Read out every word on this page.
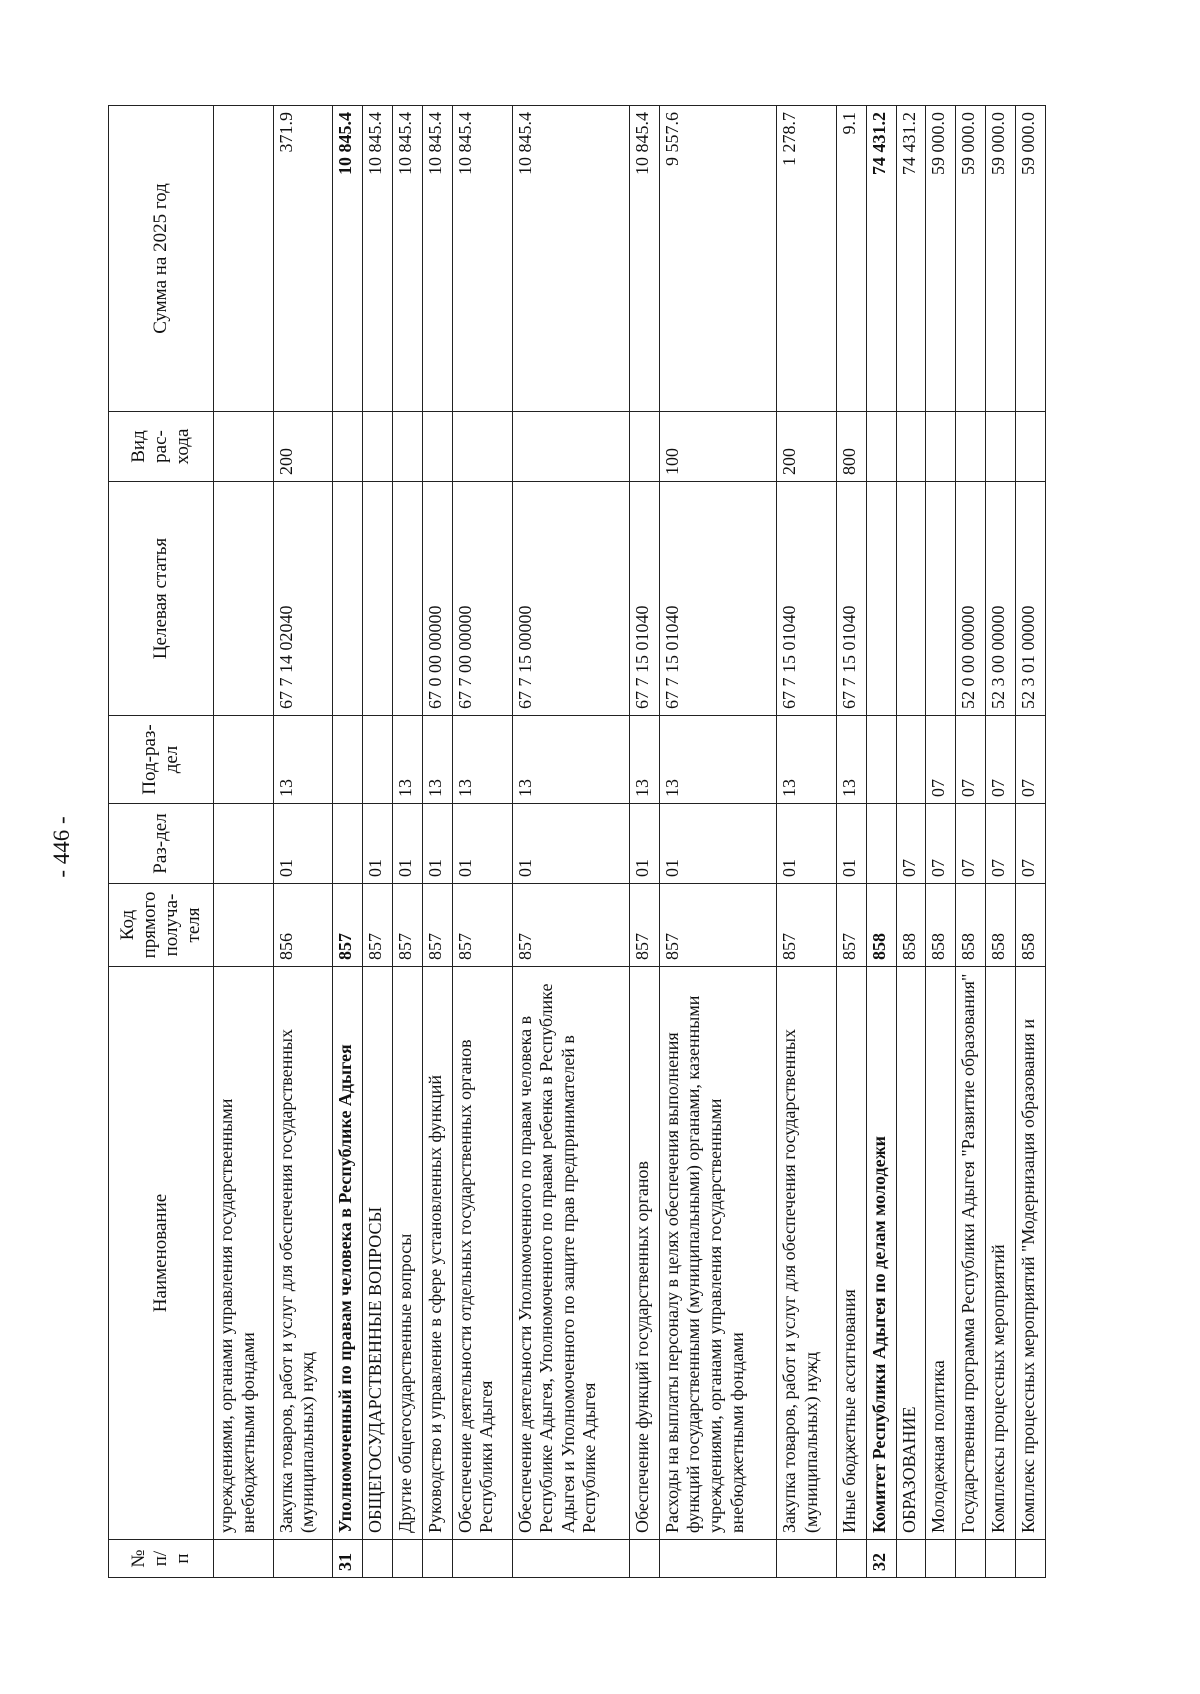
- 446 -
№ п/п	Наименование	Код прямого получа-теля	Раз-дел	Под-раз-дел	Целевая статья	Вид рас-хода	Сумма на 2025 год
	учреждениями, органами управления государственными внебюджетными фондами						
	Закупка товаров, работ и услуг для обеспечения государственных (муниципальных) нужд	856	01	13	67 7 14 02040	200	371.9
31	Уполномоченный по правам человека в Республике Адыгея	857					10 845.4
	ОБЩЕГОСУДАРСТВЕННЫЕ ВОПРОСЫ	857	01				10 845.4
	Другие общегосударственные вопросы	857	01	13			10 845.4
	Руководство и управление в сфере установленных функций	857	01	13	67 0 00 00000		10 845.4
	Обеспечение деятельности отдельных государственных органов Республики Адыгея	857	01	13	67 7 00 00000		10 845.4
	Обеспечение деятельности Уполномоченного по правам человека в Республике Адыгея, Уполномоченного по правам ребенка в Республике Адыгея и Уполномоченного по защите прав предпринимателей в Республике Адыгея	857	01	13	67 7 15 00000		10 845.4
	Обеспечение функций государственных органов	857	01	13	67 7 15 01040		10 845.4
	Расходы на выплаты персоналу в целях обеспечения выполнения функций государственными (муниципальными) органами, казенными учреждениями, органами управления государственными внебюджетными фондами	857	01	13	67 7 15 01040	100	9 557.6
	Закупка товаров, работ и услуг для обеспечения государственных (муниципальных) нужд	857	01	13	67 7 15 01040	200	1 278.7
	Иные бюджетные ассигнования	857	01	13	67 7 15 01040	800	9.1
32	Комитет Республики Адыгея по делам молодежи	858					74 431.2
	ОБРАЗОВАНИЕ	858	07				74 431.2
	Молодежная политика	858	07	07			59 000.0
	Государственная программа Республики Адыгея "Развитие образования"	858	07	07	52 0 00 00000		59 000.0
	Комплексы процессных мероприятий	858	07	07	52 3 00 00000		59 000.0
	Комплекс процессных мероприятий "Модернизация образования и	858	07	07	52 3 01 00000		59 000.0
